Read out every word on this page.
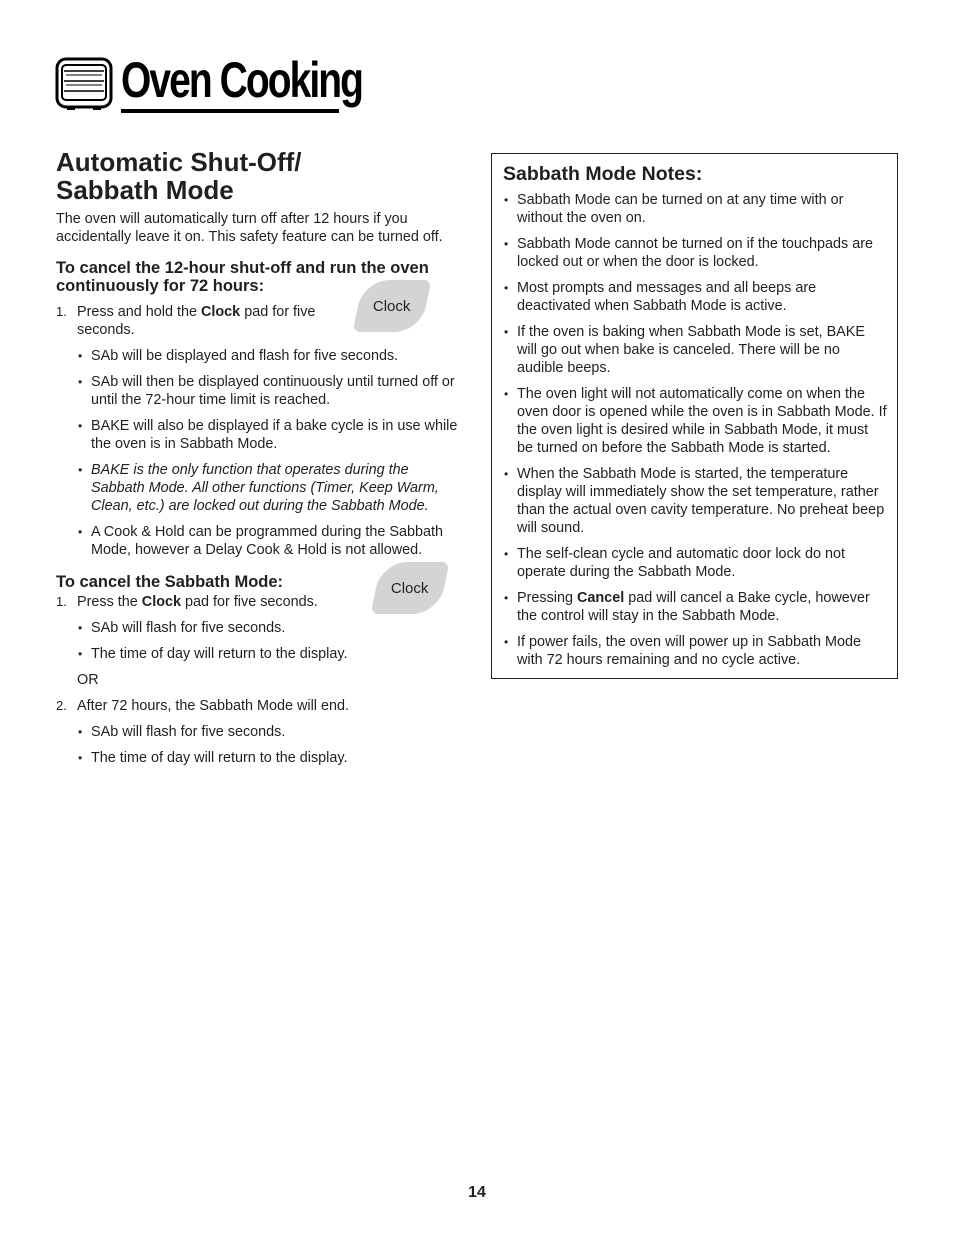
Oven Cooking
Automatic Shut-Off/
Sabbath Mode

The oven will automatically turn off after 12 hours if you accidentally leave it on. This safety feature can be turned off.

To cancel the 12-hour shut-off and run the oven continuously for 72 hours:

1. Press and hold the Clock pad for five seconds.
• SAb will be displayed and flash for five seconds.
• SAb will then be displayed continuously until turned off or until the 72-hour time limit is reached.
• BAKE will also be displayed if a bake cycle is in use while the oven is in Sabbath Mode.
• BAKE is the only function that operates during the Sabbath Mode. All other functions (Timer, Keep Warm, Clean, etc.) are locked out during the Sabbath Mode.
• A Cook & Hold can be programmed during the Sabbath Mode, however a Delay Cook & Hold is not allowed.

To cancel the Sabbath Mode:

1. Press the Clock pad for five seconds.
• SAb will flash for five seconds.
• The time of day will return to the display.
OR
2. After 72 hours, the Sabbath Mode will end.
• SAb will flash for five seconds.
• The time of day will return to the display.
Clock
Clock

Sabbath Mode Notes:

• Sabbath Mode can be turned on at any time with or without the oven on.
• Sabbath Mode cannot be turned on if the touchpads are locked out or when the door is locked.
• Most prompts and messages and all beeps are deactivated when Sabbath Mode is active.
• If the oven is baking when Sabbath Mode is set, BAKE will go out when bake is canceled. There will be no audible beeps.
• The oven light will not automatically come on when the oven door is opened while the oven is in Sabbath Mode. If the oven light is desired while in Sabbath Mode, it must be turned on before the Sabbath Mode is started.
• When the Sabbath Mode is started, the temperature display will immediately show the set temperature, rather than the actual oven cavity temperature. No preheat beep will sound.
• The self-clean cycle and automatic door lock do not operate during the Sabbath Mode.
• Pressing Cancel pad will cancel a Bake cycle, however the control will stay in the Sabbath Mode.
• If power fails, the oven will power up in Sabbath Mode with 72 hours remaining and no cycle active.
14
